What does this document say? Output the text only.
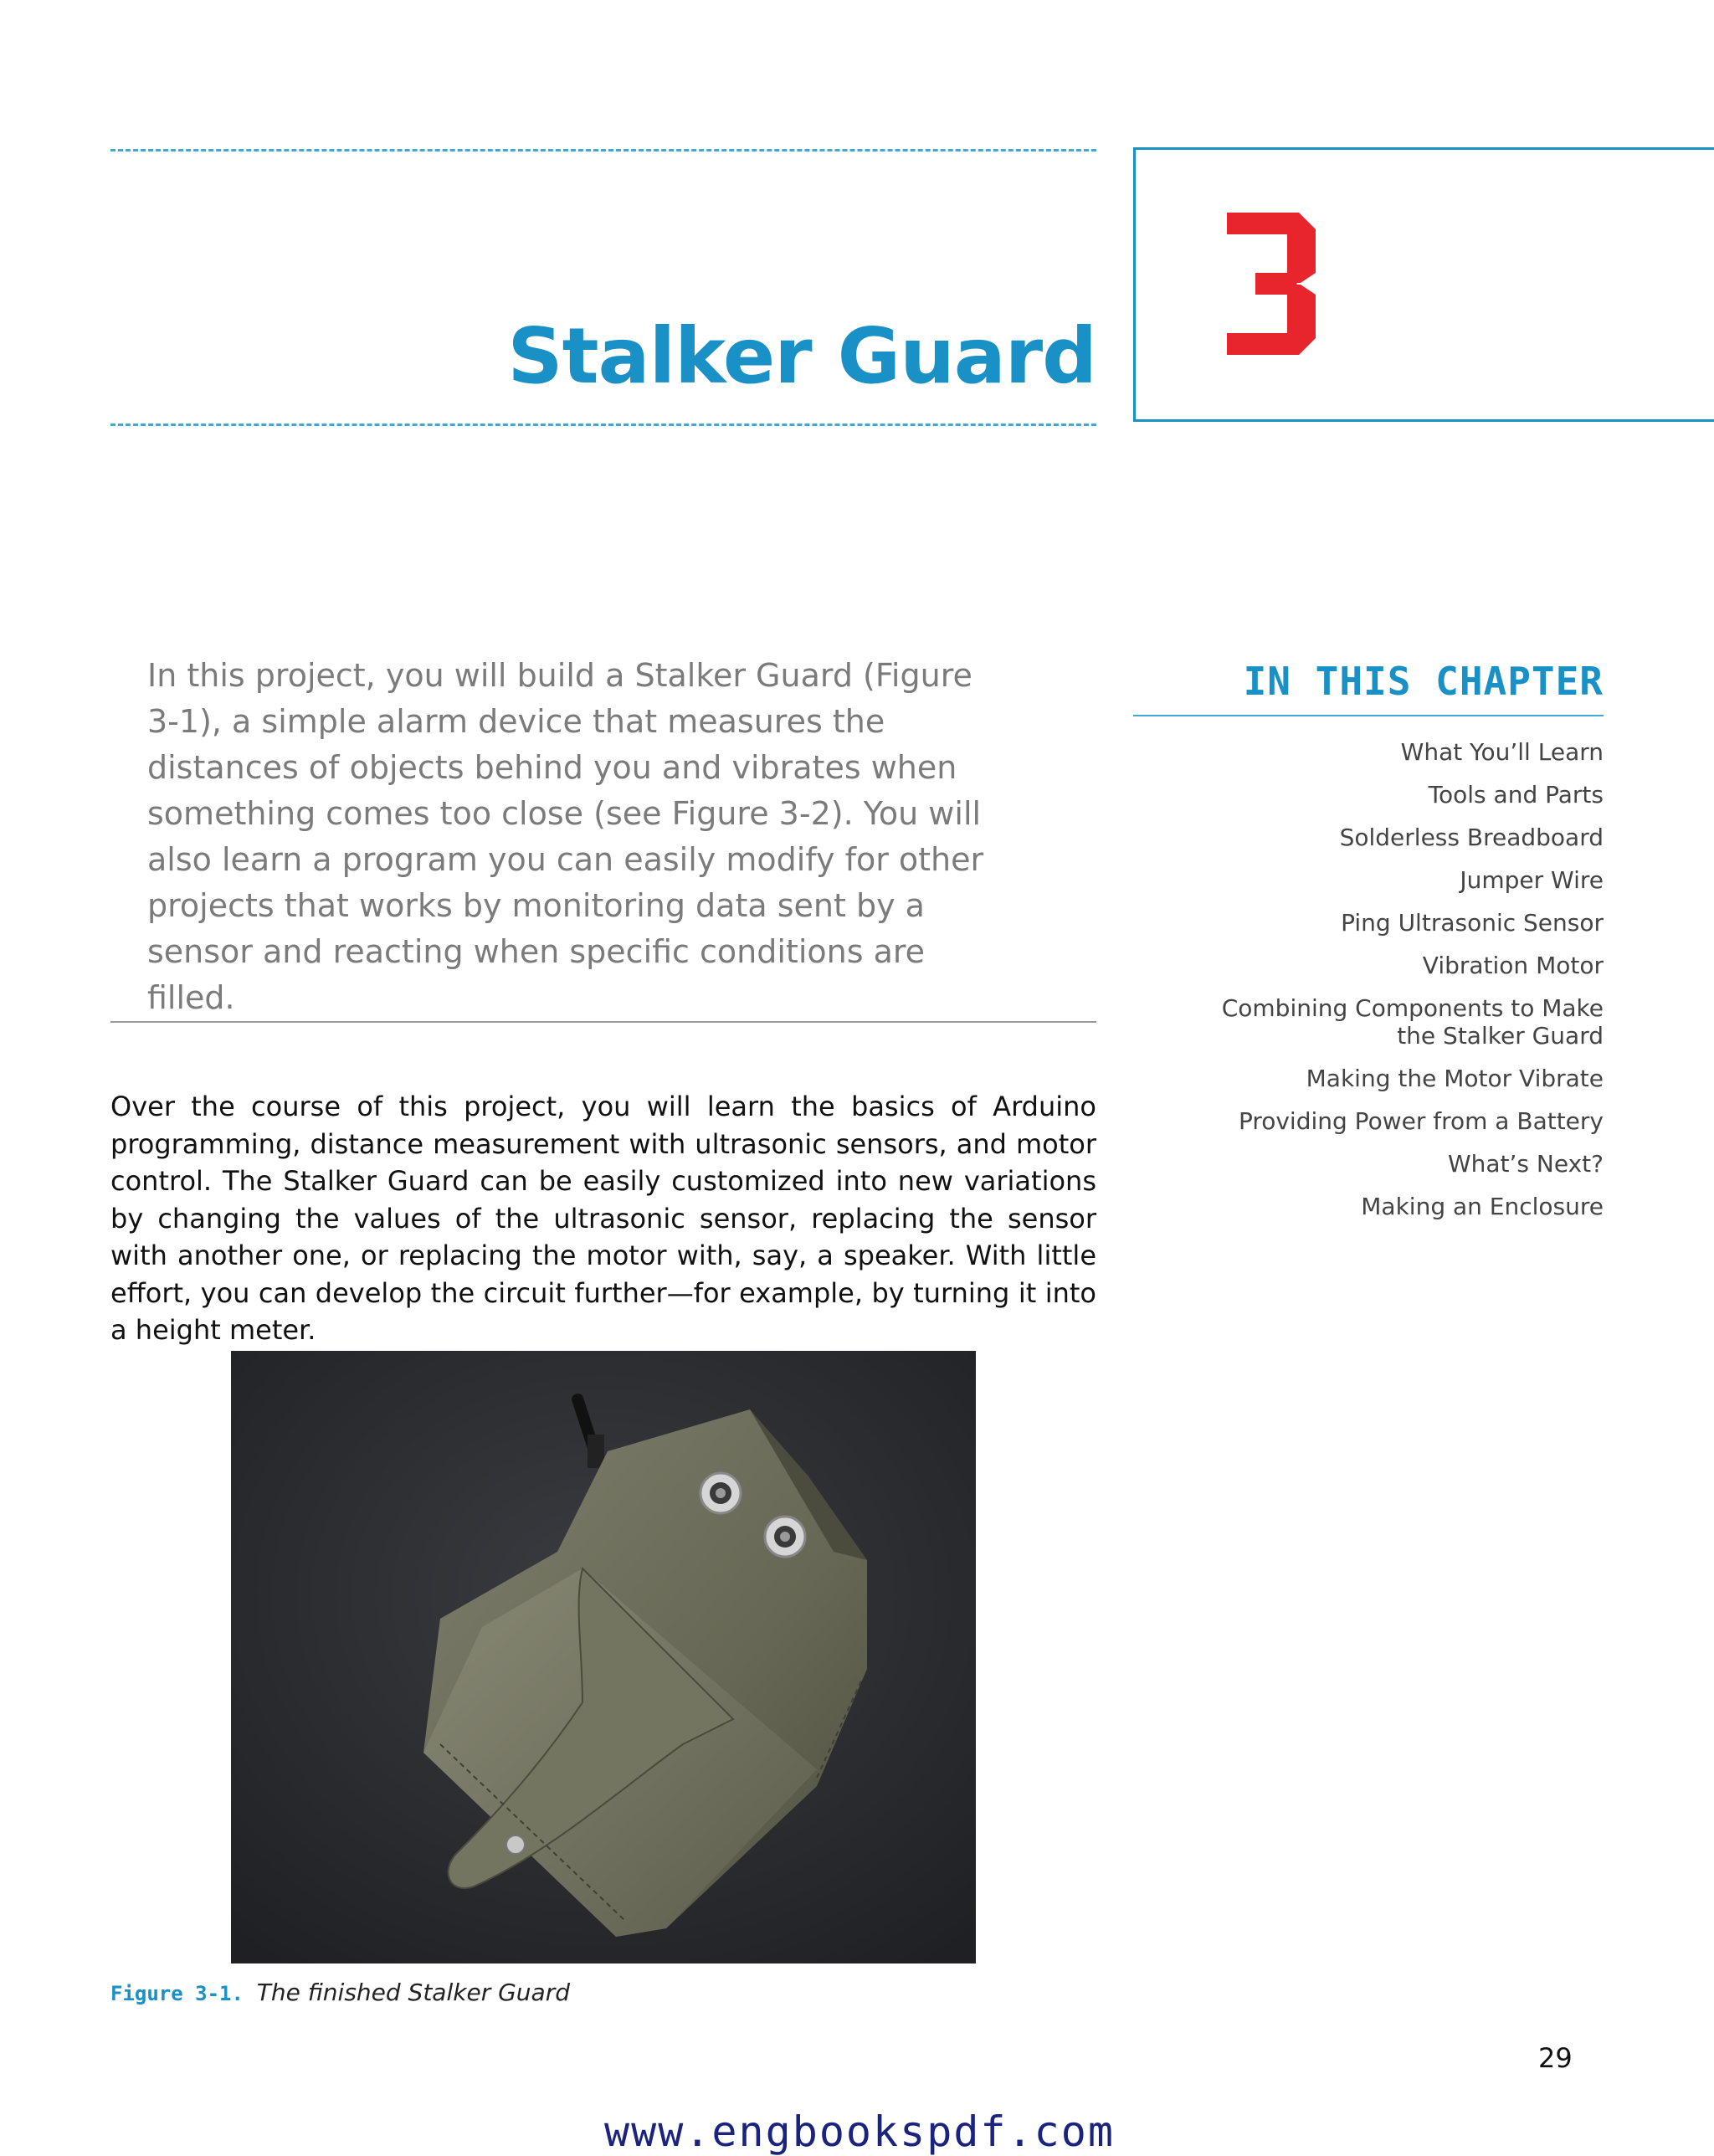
Stalker Guard

In this project, you will build a Stalker Guard (Figure 3-1), a simple alarm device that measures the distances of objects behind you and vibrates when something comes too close (see Figure 3-2). You will also learn a program you can easily modify for other projects that works by monitoring data sent by a sensor and reacting when specific conditions are filled.

Over the course of this project, you will learn the basics of Arduino programming, distance measurement with ultrasonic sensors, and motor control. The Stalker Guard can be easily customized into new variations by changing the values of the ultrasonic sensor, replacing the sensor with another one, or replacing the motor with, say, a speaker. With little effort, you can develop the circuit further—for example, by turning it into a height meter.

IN THIS CHAPTER
What You’ll Learn
Tools and Parts
Solderless Breadboard
Jumper Wire
Ping Ultrasonic Sensor
Vibration Motor
Combining Components to Make the Stalker Guard
Making the Motor Vibrate
Providing Power from a Battery
What’s Next?
Making an Enclosure
Figure 3-1. The finished Stalker Guard
29
www.engbookspdf.com
